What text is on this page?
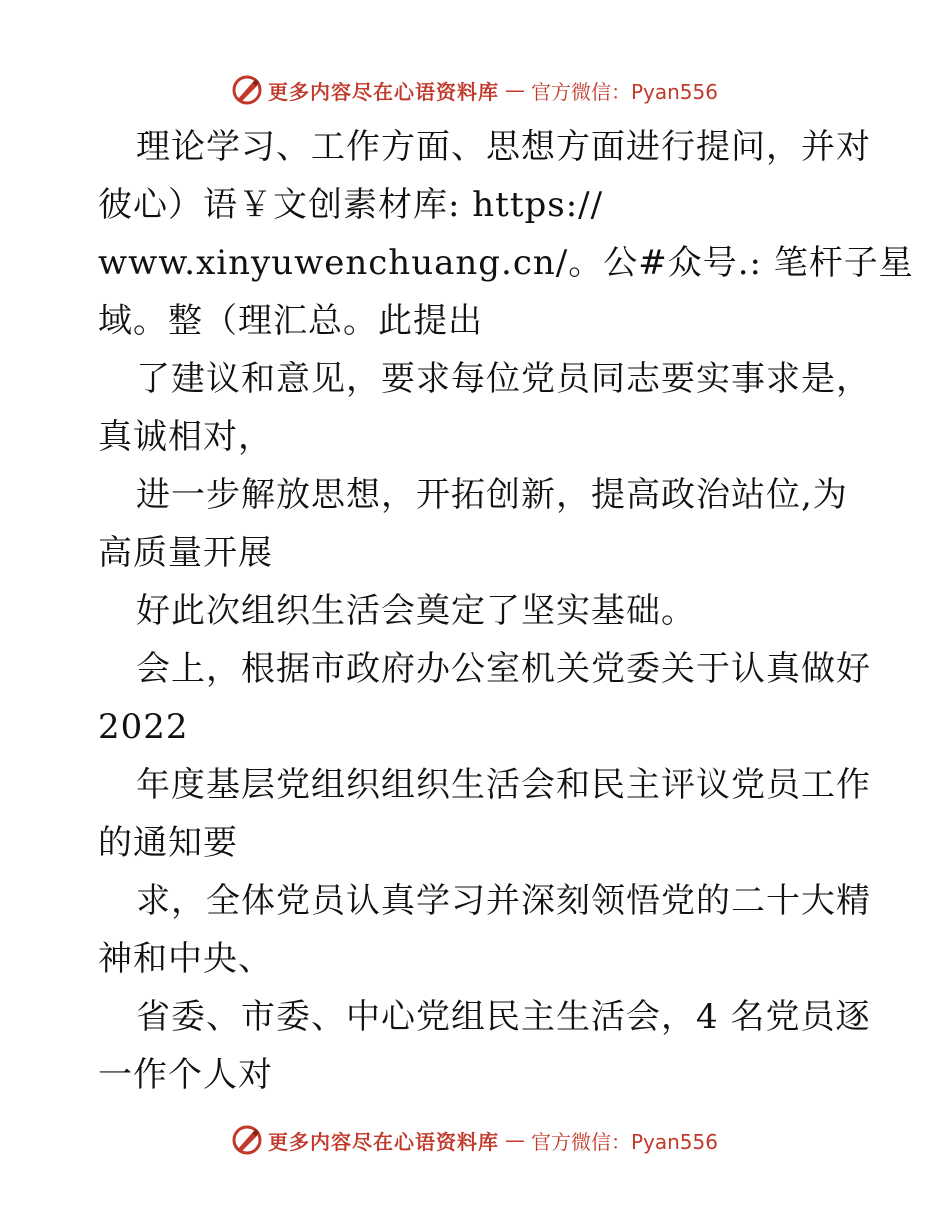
更多内容尽在心语资料库 — 官方微信：Pyan556
理论学习、工作方面、思想方面进行提问，并对
彼心）语￥文创素材库: https://
www.xinyuwenchuang.cn/。公#众号.: 笔杆子星
域。整（理汇总。此提出
了建议和意见，要求每位党员同志要实事求是，
真诚相对，
进一步解放思想，开拓创新，提高政治站位,为
高质量开展
好此次组织生活会奠定了坚实基础。
会上，根据市政府办公室机关党委关于认真做好
2022
年度基层党组织组织生活会和民主评议党员工作
的通知要
求，全体党员认真学习并深刻领悟党的二十大精
神和中央、
省委、市委、中心党组民主生活会，4 名党员逐
一作个人对
更多内容尽在心语资料库 — 官方微信：Pyan556
